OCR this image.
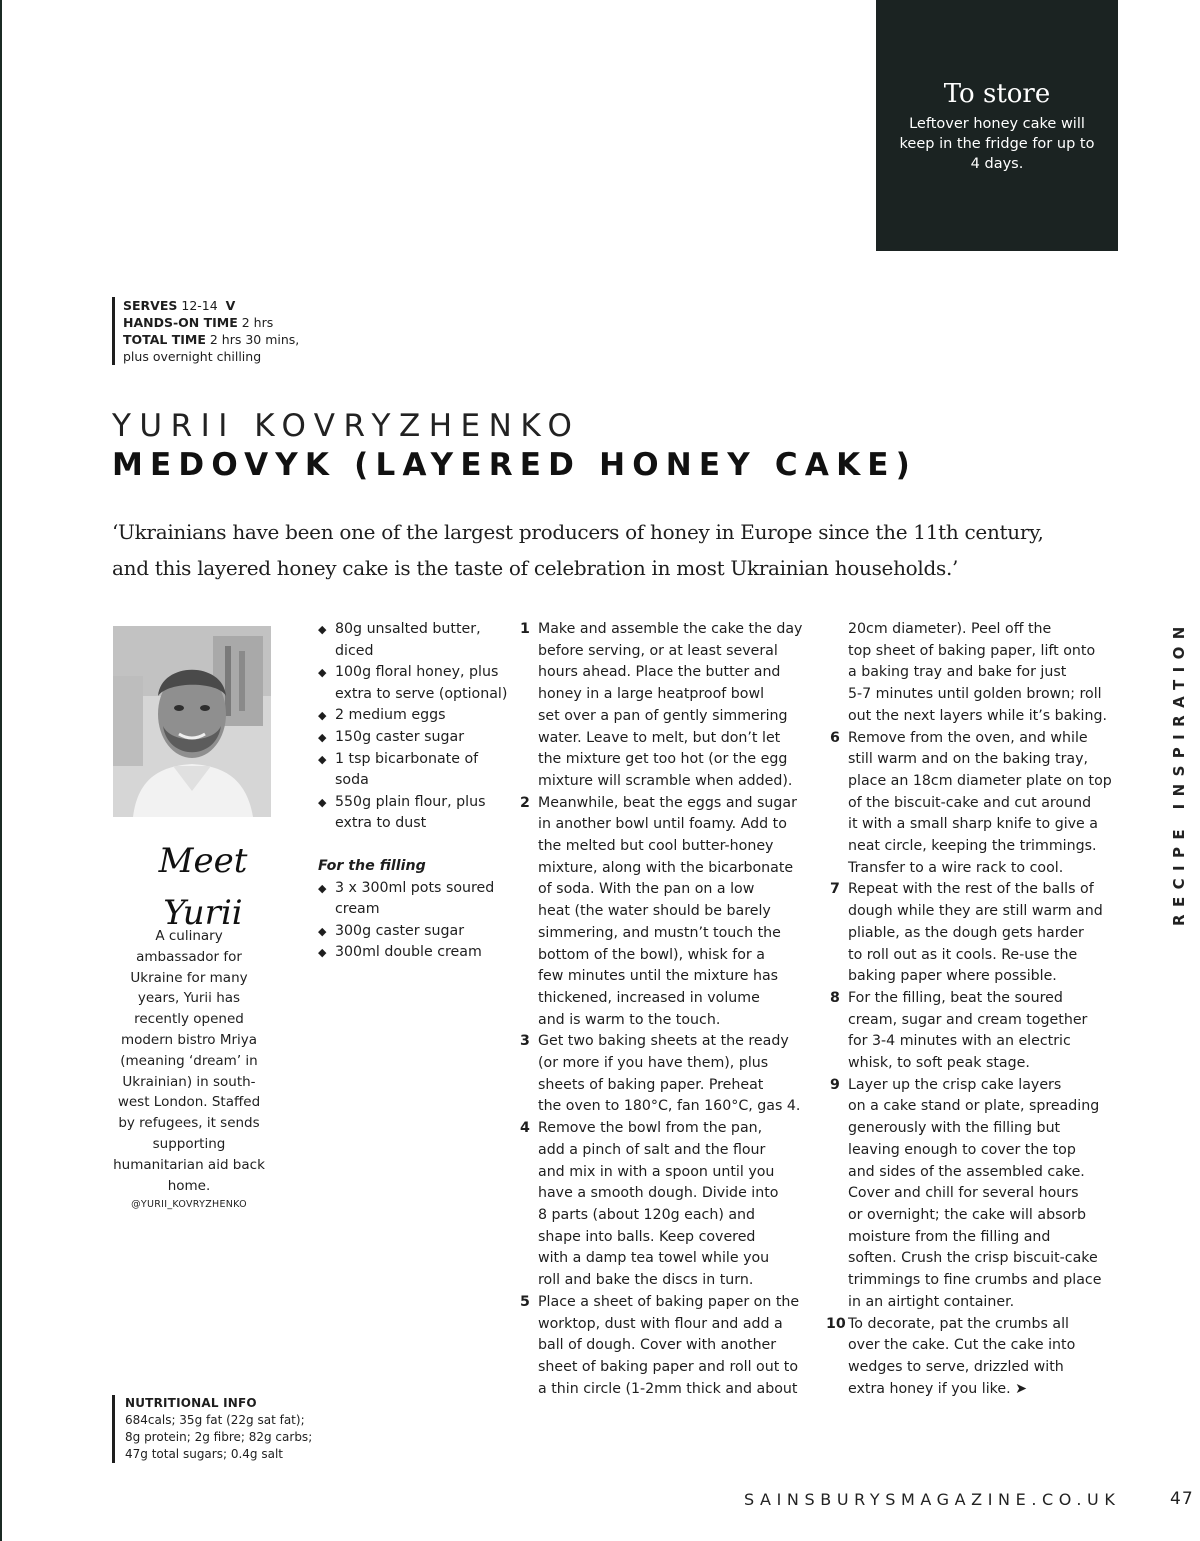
To store
Leftover honey cake will keep in the fridge for up to 4 days.
SERVES 12-14 V
HANDS-ON TIME 2 hrs
TOTAL TIME 2 hrs 30 mins,
plus overnight chilling
YURII KOVRYZHENKO
MEDOVYK (LAYERED HONEY CAKE)
‘Ukrainians have been one of the largest producers of honey in Europe since the 11th century, and this layered honey cake is the taste of celebration in most Ukrainian households.’
RECIPE INSPIRATION
Meet
Yurii
A culinary ambassador for Ukraine for many years, Yurii has recently opened modern bistro Mriya (meaning ‘dream’ in Ukrainian) in south-west London. Staffed by refugees, it sends supporting humanitarian aid back home.
@YURII_KOVRYZHENKO
◆ 80g unsalted butter, diced
◆ 100g floral honey, plus extra to serve (optional)
◆ 2 medium eggs
◆ 150g caster sugar
◆ 1 tsp bicarbonate of soda
◆ 550g plain flour, plus extra to dust
For the filling
◆ 3 x 300ml pots soured cream
◆ 300g caster sugar
◆ 300ml double cream
1 Make and assemble the cake the day
before serving, or at least several
hours ahead. Place the butter and
honey in a large heatproof bowl
set over a pan of gently simmering
water. Leave to melt, but don’t let
the mixture get too hot (or the egg
mixture will scramble when added).
2 Meanwhile, beat the eggs and sugar
in another bowl until foamy. Add to
the melted but cool butter-honey
mixture, along with the bicarbonate
of soda. With the pan on a low
heat (the water should be barely
simmering, and mustn’t touch the
bottom of the bowl), whisk for a
few minutes until the mixture has
thickened, increased in volume
and is warm to the touch.
3 Get two baking sheets at the ready
(or more if you have them), plus
sheets of baking paper. Preheat
the oven to 180°C, fan 160°C, gas 4.
4 Remove the bowl from the pan,
add a pinch of salt and the flour
and mix in with a spoon until you
have a smooth dough. Divide into
8 parts (about 120g each) and
shape into balls. Keep covered
with a damp tea towel while you
roll and bake the discs in turn.
5 Place a sheet of baking paper on the
worktop, dust with flour and add a
ball of dough. Cover with another
sheet of baking paper and roll out to
a thin circle (1-2mm thick and about
20cm diameter). Peel off the
top sheet of baking paper, lift onto
a baking tray and bake for just
5-7 minutes until golden brown; roll
out the next layers while it’s baking.
6 Remove from the oven, and while
still warm and on the baking tray,
place an 18cm diameter plate on top
of the biscuit-cake and cut around
it with a small sharp knife to give a
neat circle, keeping the trimmings.
Transfer to a wire rack to cool.
7 Repeat with the rest of the balls of
dough while they are still warm and
pliable, as the dough gets harder
to roll out as it cools. Re-use the
baking paper where possible.
8 For the filling, beat the soured
cream, sugar and cream together
for 3-4 minutes with an electric
whisk, to soft peak stage.
9 Layer up the crisp cake layers
on a cake stand or plate, spreading
generously with the filling but
leaving enough to cover the top
and sides of the assembled cake.
Cover and chill for several hours
or overnight; the cake will absorb
moisture from the filling and
soften. Crush the crisp biscuit-cake
trimmings to fine crumbs and place
in an airtight container.
10 To decorate, pat the crumbs all
over the cake. Cut the cake into
wedges to serve, drizzled with
extra honey if you like. ➤
NUTRITIONAL INFO
684cals; 35g fat (22g sat fat);
8g protein; 2g fibre; 82g carbs;
47g total sugars; 0.4g salt
SAINSBURYSMAGAZINE.CO.UK	47
